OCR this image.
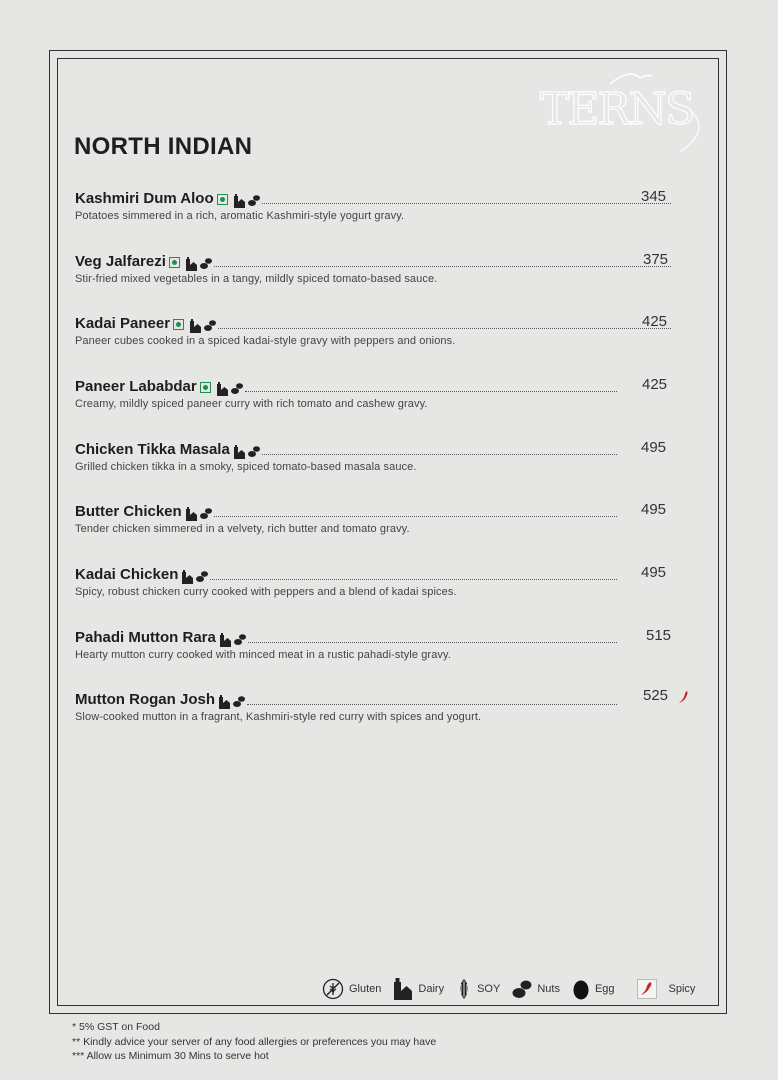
TERNS
NORTH INDIAN
Kashmiri Dum Aloo	345
Potatoes simmered in a rich, aromatic Kashmiri-style yogurt gravy.
Veg Jalfarezi	375
Stir-fried mixed vegetables in a tangy, mildly spiced tomato-based sauce.
Kadai Paneer	425
Paneer cubes cooked in a spiced kadai-style gravy with peppers and onions.
Paneer Lababdar	425
Creamy, mildly spiced paneer curry with rich tomato and cashew gravy.
Chicken Tikka Masala	495
Grilled chicken tikka in a smoky, spiced tomato-based masala sauce.
Butter Chicken	495
Tender chicken simmered in a velvety, rich butter and tomato gravy.
Kadai Chicken	495
Spicy, robust chicken curry cooked with peppers and a blend of kadai spices.
Pahadi Mutton Rara	515
Hearty mutton curry cooked with minced meat in a rustic pahadi-style gravy.
Mutton Rogan Josh	525
Slow-cooked mutton in a fragrant, Kashmiri-style red curry with spices and yogurt.
Gluten	Dairy	SOY	Nuts	Egg	Spicy
* 5% GST on Food
** Kindly advice your server of any food allergies or preferences you may have
*** Allow us Minimum 30 Mins to serve hot
